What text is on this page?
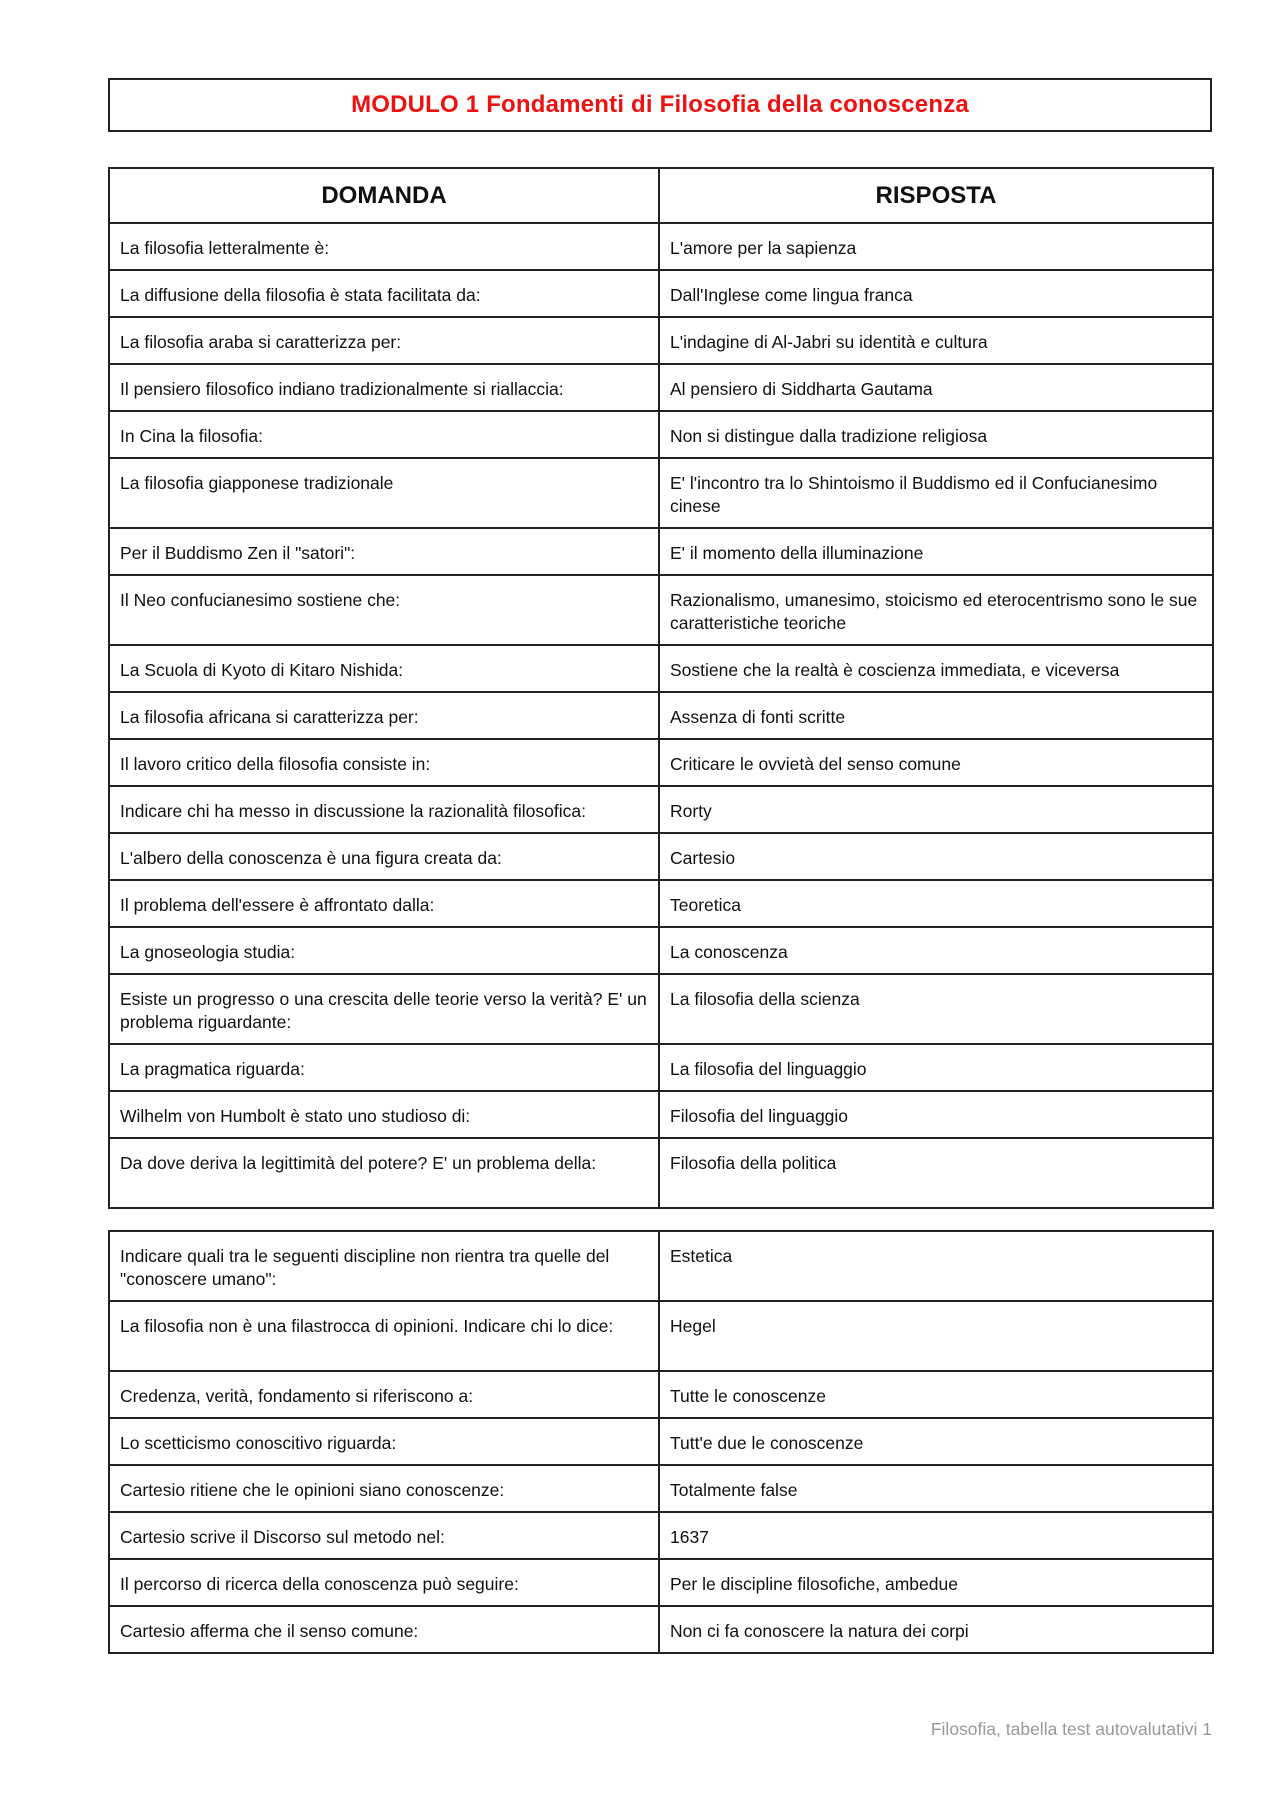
MODULO 1 Fondamenti di Filosofia della conoscenza
DOMANDA	RISPOSTA
La filosofia letteralmente è:	L'amore per la sapienza
La diffusione della filosofia è stata facilitata da:	Dall'Inglese come lingua franca
La filosofia araba si caratterizza per:	L'indagine di Al-Jabri su identità e cultura
Il pensiero filosofico indiano tradizionalmente si riallaccia:	Al pensiero di Siddharta Gautama
In Cina la filosofia:	Non si distingue dalla tradizione religiosa
La filosofia giapponese tradizionale	E' l'incontro tra lo Shintoismo il Buddismo ed il Confucianesimo cinese
Per il Buddismo Zen il "satori":	E' il momento della illuminazione
Il Neo confucianesimo sostiene che:	Razionalismo, umanesimo, stoicismo ed eterocentrismo sono le sue caratteristiche teoriche
La Scuola di Kyoto di Kitaro Nishida:	Sostiene che la realtà è coscienza immediata, e viceversa
La filosofia africana si caratterizza per:	Assenza di fonti scritte
Il lavoro critico della filosofia consiste in:	Criticare le ovvietà del senso comune
Indicare chi ha messo in discussione la razionalità filosofica:	Rorty
L'albero della conoscenza è una figura creata da:	Cartesio
Il problema dell'essere è affrontato dalla:	Teoretica
La gnoseologia studia:	La conoscenza
Esiste un progresso o una crescita delle teorie verso la verità? E' un problema riguardante:	La filosofia della scienza
La pragmatica riguarda:	La filosofia del linguaggio
Wilhelm von Humbolt è stato uno studioso di:	Filosofia del linguaggio
Da dove deriva la legittimità del potere? E' un problema della:	Filosofia della politica
Indicare quali tra le seguenti discipline non rientra tra quelle del "conoscere umano":	Estetica
La filosofia non è una filastrocca di opinioni. Indicare chi lo dice:	Hegel
Credenza, verità, fondamento si riferiscono a:	Tutte le conoscenze
Lo scetticismo conoscitivo riguarda:	Tutt'e due le conoscenze
Cartesio ritiene che le opinioni siano conoscenze:	Totalmente false
Cartesio scrive il Discorso sul metodo nel:	1637
Il percorso di ricerca della conoscenza può seguire:	Per le discipline filosofiche, ambedue
Cartesio afferma che il senso comune:	Non ci fa conoscere la natura dei corpi
Filosofia, tabella test autovalutativi 1
